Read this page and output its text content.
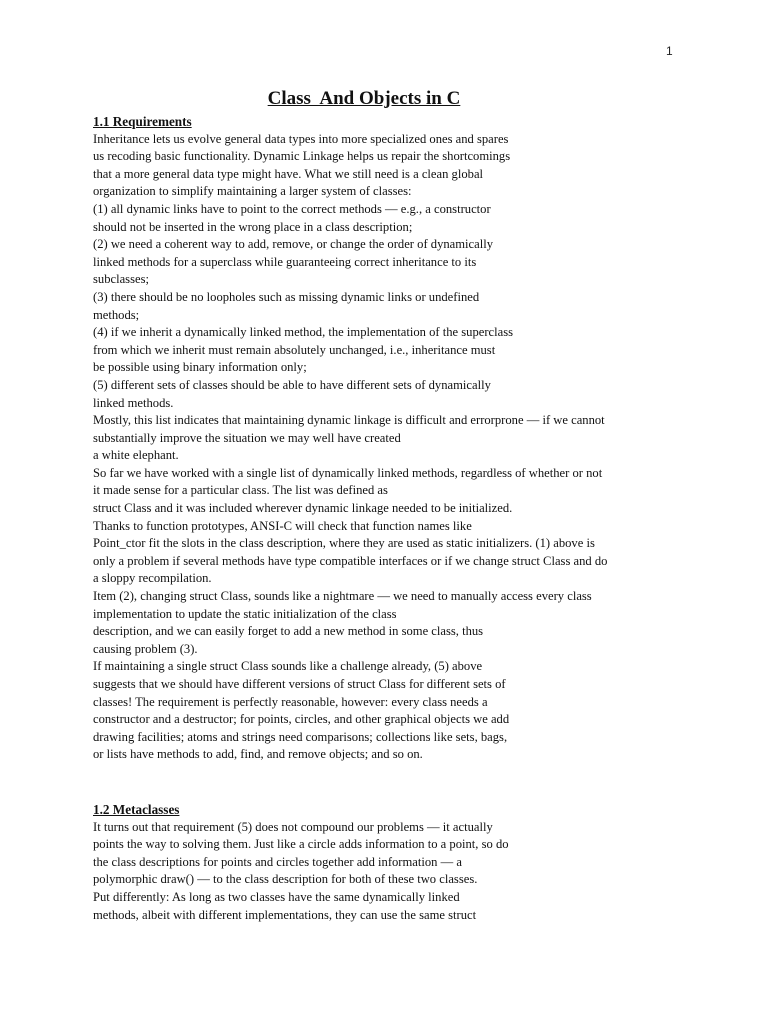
1
Class  And Objects in C
1.1 Requirements
Inheritance lets us evolve general data types into more specialized ones and spares
us recoding basic functionality. Dynamic Linkage helps us repair the shortcomings
that a more general data type might have. What we still need is a clean global
organization to simplify maintaining a larger system of classes:
(1) all dynamic links have to point to the correct methods — e.g., a constructor
should not be inserted in the wrong place in a class description;
(2) we need a coherent way to add, remove, or change the order of dynamically
linked methods for a superclass while guaranteeing correct inheritance to its
subclasses;
(3) there should be no loopholes such as missing dynamic links or undefined
methods;
(4) if we inherit a dynamically linked method, the implementation of the superclass
from which we inherit must remain absolutely unchanged, i.e., inheritance must
be possible using binary information only;
(5) different sets of classes should be able to have different sets of dynamically
linked methods.
Mostly, this list indicates that maintaining dynamic linkage is difficult and errorprone — if we cannot
substantially improve the situation we may well have created
a white elephant.
So far we have worked with a single list of dynamically linked methods, regardless of whether or not
it made sense for a particular class. The list was defined as
struct Class and it was included wherever dynamic linkage needed to be initialized.
Thanks to function prototypes, ANSI-C will check that function names like
Point_ctor fit the slots in the class description, where they are used as static initializers. (1) above is
only a problem if several methods have type compatible interfaces or if we change struct Class and do
a sloppy recompilation.
Item (2), changing struct Class, sounds like a nightmare — we need to manually access every class
implementation to update the static initialization of the class
description, and we can easily forget to add a new method in some class, thus
causing problem (3).
If maintaining a single struct Class sounds like a challenge already, (5) above
suggests that we should have different versions of struct Class for different sets of
classes! The requirement is perfectly reasonable, however: every class needs a
constructor and a destructor; for points, circles, and other graphical objects we add
drawing facilities; atoms and strings need comparisons; collections like sets, bags,
or lists have methods to add, find, and remove objects; and so on.
1.2 Metaclasses
It turns out that requirement (5) does not compound our problems — it actually
points the way to solving them. Just like a circle adds information to a point, so do
the class descriptions for points and circles together add information — a
polymorphic draw() — to the class description for both of these two classes.
Put differently: As long as two classes have the same dynamically linked
methods, albeit with different implementations, they can use the same struct
